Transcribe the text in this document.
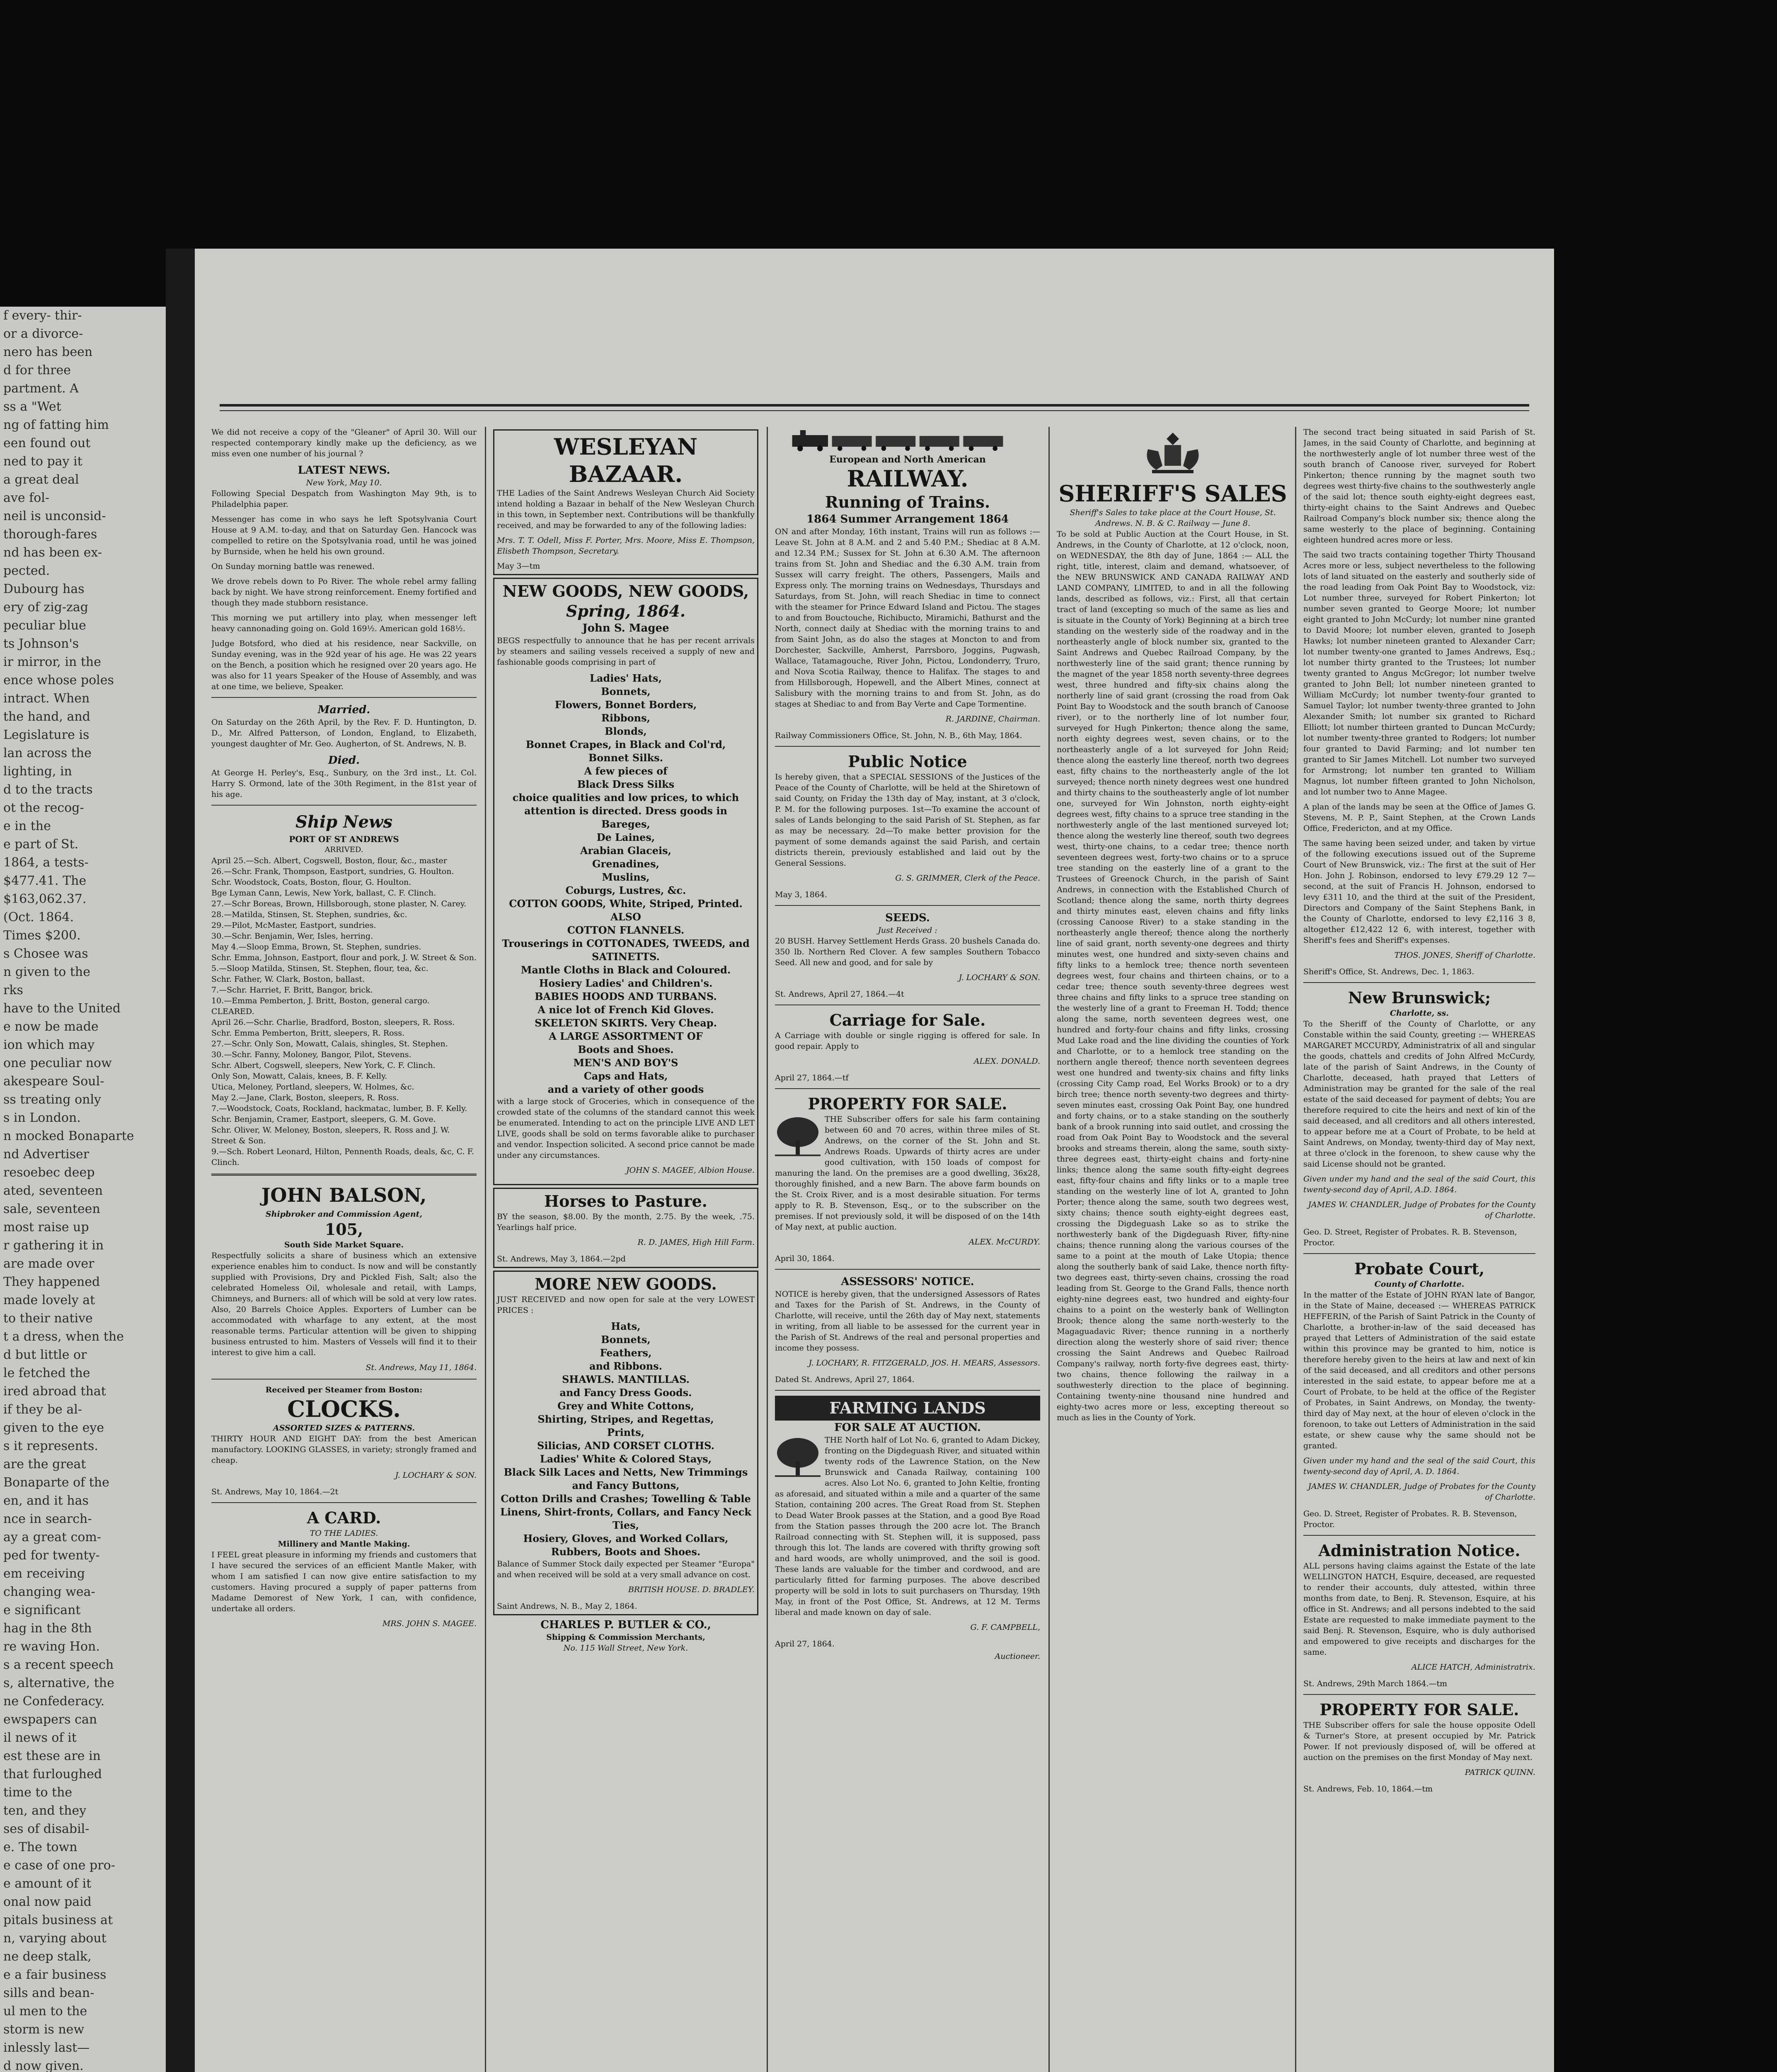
f every- thir-
or a divorce-
nero has been
d for three
partment. A
ss a "Wet
ng of fatting him
een found out
ned to pay it
a great deal
ave fol-
neil is unconsid-
thorough-fares
nd has been ex-
pected.
Dubourg has
ery of zig-zag
peculiar blue
ts Johnson's
ir mirror, in the
ence whose poles
intract. When
the hand, and
Legislature is
lan across the
lighting, in
d to the tracts
ot the recog-
e in the
e part of St.
1864, a tests-
$477.41. The
$163,062.37.
(Oct. 1864.
Times $200.
s Chosee was
n given to the
rks
have to the United
e now be made
ion which may
one peculiar now
akespeare Soul-
ss treating only
s in London.
n mocked Bonaparte
nd Advertiser
resoebec deep
ated, seventeen
sale, seventeen
most raise up
r gathering it in
are made over
They happened
made lovely at
to their native
t a dress, when the
d but little or
le fetched the
ired abroad that
if they be al-
given to the eye
s it represents.
are the great
Bonaparte of the
en, and it has
nce in search-
ay a great com-
ped for twenty-
em receiving
changing wea-
e significant
hag in the 8th
re waving Hon.
s a recent speech
s, alternative, the
ne Confederacy.
ewspapers can
il news of it
est these are in
that furloughed
time to the
ten, and they
ses of disabil-
e. The town
e case of one pro-
e amount of it
onal now paid
pitals business at
n, varying about
ne deep stalk,
e a fair business
sills and bean-
ul men to the
storm is new
inlessly last—
d now given.

We did not receive a copy of the "Gleaner" of April 30. Will our respected contemporary kindly make up the deficiency, as we miss even one number of his journal ?

LATEST NEWS.
New York, May 10.

Following Special Despatch from Washington May 9th, is to Philadelphia paper.

Messenger has come in who says he left Spotsylvania Court House at 9 A.M. to-day, and that on Saturday Gen. Hancock was compelled to retire on the Spotsylvania road, until he was joined by Burnside, when he held his own ground.

On Sunday morning battle was renewed.

We drove rebels down to Po River. The whole rebel army falling back by night. We have strong reinforcement. Enemy fortified and though they made stubborn resistance.

This morning we put artillery into play, when messenger left heavy cannonading going on. Gold 169½. American gold 168½.

Judge Botsford, who died at his residence, near Sackville, on Sunday evening, was in the 92d year of his age. He was 22 years on the Bench, a position which he resigned over 20 years ago. He was also for 11 years Speaker of the House of Assembly, and was at one time, we believe, Speaker.

Married.

On Saturday on the 26th April, by the Rev. F. D. Huntington, D. D., Mr. Alfred Patterson, of London, England, to Elizabeth, youngest daughter of Mr. Geo. Augherton, of St. Andrews, N. B.

Died.

At George H. Perley's, Esq., Sunbury, on the 3rd inst., Lt. Col. Harry S. Ormond, late of the 30th Regiment, in the 81st year of his age.

Ship News
PORT OF ST ANDREWS
ARRIVED.
April 25.—Sch. Albert, Cogswell, Boston, flour, &c., master
26.—Schr. Frank, Thompson, Eastport, sundries, G. Houlton.
Schr. Woodstock, Coats, Boston, flour, G. Houlton.
Bge Lyman Cann, Lewis, New York, ballast, C. F. Clinch.
27.—Schr Boreas, Brown, Hillsborough, stone plaster, N. Carey.
28.—Matilda, Stinsen, St. Stephen, sundries, &c.
29.—Pilot, McMaster, Eastport, sundries.
30.—Schr. Benjamin, Wer, Isles, herring.
May 4.—Sloop Emma, Brown, St. Stephen, sundries.
Schr. Emma, Johnson, Eastport, flour and pork, J. W. Street & Son.
5.—Sloop Matilda, Stinsen, St. Stephen, flour, tea, &c.
Schr. Father, W. Clark, Boston, ballast.
7.—Schr. Harriet, F. Britt, Bangor, brick.
10.—Emma Pemberton, J. Britt, Boston, general cargo.
CLEARED.
April 26.—Schr. Charlie, Bradford, Boston, sleepers, R. Ross.
Schr. Emma Pemberton, Britt, sleepers, R. Ross.
27.—Schr. Only Son, Mowatt, Calais, shingles, St. Stephen.
30.—Schr. Fanny, Moloney, Bangor, Pilot, Stevens.
Schr. Albert, Cogswell, sleepers, New York, C. F. Clinch.
Only Son, Mowatt, Calais, knees, B. F. Kelly.
Utica, Meloney, Portland, sleepers, W. Holmes, &c.
May 2.—Jane, Clark, Boston, sleepers, R. Ross.
7.—Woodstock, Coats, Rockland, hackmatac, lumber, B. F. Kelly.
Schr. Benjamin, Cramer, Eastport, sleepers, G. M. Gove.
Schr. Oliver, W. Meloney, Boston, sleepers, R. Ross and J. W. Street & Son.
9.—Sch. Robert Leonard, Hilton, Pennenth Roads, deals, &c, C. F. Clinch.
JOHN BALSON,
Shipbroker and Commission Agent,
105,
South Side Market Square.

Respectfully solicits a share of business which an extensive experience enables him to conduct. Is now and will be constantly supplied with Provisions, Dry and Pickled Fish, Salt; also the celebrated Homeless Oil, wholesale and retail, with Lamps, Chimneys, and Burners: all of which will be sold at very low rates. Also, 20 Barrels Choice Apples. Exporters of Lumber can be accommodated with wharfage to any extent, at the most reasonable terms. Particular attention will be given to shipping business entrusted to him. Masters of Vessels will find it to their interest to give him a call.

St. Andrews, May 11, 1864.
Received per Steamer from Boston:
CLOCKS.
ASSORTED SIZES & PATTERNS.

THIRTY HOUR AND EIGHT DAY: from the best American manufactory. LOOKING GLASSES, in variety; strongly framed and cheap.

J. LOCHARY & SON.
St. Andrews, May 10, 1864.—2t
A CARD.
TO THE LADIES.
Millinery and Mantle Making.

I FEEL great pleasure in informing my friends and customers that I have secured the services of an efficient Mantle Maker, with whom I am satisfied I can now give entire satisfaction to my customers. Having procured a supply of paper patterns from Madame Demorest of New York, I can, with confidence, undertake all orders.

MRS. JOHN S. MAGEE.
WESLEYAN BAZAAR.

THE Ladies of the Saint Andrews Wesleyan Church Aid Society intend holding a Bazaar in behalf of the New Wesleyan Church in this town, in September next. Contributions will be thankfully received, and may be forwarded to any of the following ladies:

Mrs. T. T. Odell, Miss F. Porter, Mrs. Moore, Miss E. Thompson, Elisbeth Thompson, Secretary.

May 3—tm
NEW GOODS, NEW GOODS,
Spring, 1864.
John S. Magee

BEGS respectfully to announce that he has per recent arrivals by steamers and sailing vessels received a supply of new and fashionable goods comprising in part of

Ladies' Hats,
Bonnets,
Flowers, Bonnet Borders,
Ribbons,
Blonds,
Bonnet Crapes, in Black and Col'rd,
Bonnet Silks.
A few pieces of
Black Dress Silks
choice qualities and low prices, to which attention is directed. Dress goods in
Bareges,
De Laines,
Arabian Glaceis,
Grenadines,
Muslins,
Coburgs, Lustres, &c.
COTTON GOODS, White, Striped, Printed.
ALSO
COTTON FLANNELS.
Trouserings in COTTONADES, TWEEDS, and SATINETTS.
Mantle Cloths in Black and Coloured.
Hosiery Ladies' and Children's.
BABIES HOODS AND TURBANS.
A nice lot of French Kid Gloves.
SKELETON SKIRTS. Very Cheap.
A LARGE ASSORTMENT OF
Boots and Shoes.
MEN'S AND BOY'S
Caps and Hats,
and a variety of other goods

with a large stock of Groceries, which in consequence of the crowded state of the columns of the standard cannot this week be enumerated. Intending to act on the principle LIVE AND LET LIVE, goods shall be sold on terms favorable alike to purchaser and vendor. Inspection solicited. A second price cannot be made under any circumstances.

JOHN S. MAGEE, Albion House.
Horses to Pasture.

BY the season, $8.00. By the month, 2.75. By the week, .75. Yearlings half price.

R. D. JAMES, High Hill Farm.
St. Andrews, May 3, 1864.—2pd
MORE NEW GOODS.

JUST RECEIVED and now open for sale at the very LOWEST PRICES :

Hats,
Bonnets,
Feathers,
and Ribbons.
SHAWLS. MANTILLAS.
and Fancy Dress Goods.
Grey and White Cottons,
Shirting, Stripes, and Regettas,
Prints,
Silicias, AND CORSET CLOTHS.
Ladies' White & Colored Stays,
Black Silk Laces and Netts, New Trimmings and Fancy Buttons,
Cotton Drills and Crashes; Towelling & Table Linens, Shirt-fronts, Collars, and Fancy Neck Ties,
Hosiery, Gloves, and Worked Collars, Rubbers, Boots and Shoes.

Balance of Summer Stock daily expected per Steamer "Europa" and when received will be sold at a very small advance on cost.

BRITISH HOUSE. D. BRADLEY.
Saint Andrews, N. B., May 2, 1864.
CHARLES P. BUTLER & CO.,
Shipping & Commission Merchants,
No. 115 Wall Street, New York.
European and North American
RAILWAY.
Running of Trains.
1864 Summer Arrangement 1864

ON and after Monday, 16th instant, Trains will run as follows :— Leave St. John at 8 A.M. and 2 and 5.40 P.M.; Shediac at 8 A.M. and 12.34 P.M.; Sussex for St. John at 6.30 A.M. The afternoon trains from St. John and Shediac and the 6.30 A.M. train from Sussex will carry freight. The others, Passengers, Mails and Express only. The morning trains on Wednesdays, Thursdays and Saturdays, from St. John, will reach Shediac in time to connect with the steamer for Prince Edward Island and Pictou. The stages to and from Bouctouche, Richibucto, Miramichi, Bathurst and the North, connect daily at Shediac with the morning trains to and from Saint John, as do also the stages at Moncton to and from Dorchester, Sackville, Amherst, Parrsboro, Joggins, Pugwash, Wallace, Tatamagouche, River John, Pictou, Londonderry, Truro, and Nova Scotia Railway, thence to Halifax. The stages to and from Hillsborough, Hopewell, and the Albert Mines, connect at Salisbury with the morning trains to and from St. John, as do stages at Shediac to and from Bay Verte and Cape Tormentine.

R. JARDINE, Chairman.
Railway Commissioners Office, St. John, N. B., 6th May, 1864.
Public Notice

Is hereby given, that a SPECIAL SESSIONS of the Justices of the Peace of the County of Charlotte, will be held at the Shiretown of said County, on Friday the 13th day of May, instant, at 3 o'clock, P. M. for the following purposes. 1st—To examine the account of sales of Lands belonging to the said Parish of St. Stephen, as far as may be necessary. 2d—To make better provision for the payment of some demands against the said Parish, and certain districts therein, previously established and laid out by the General Sessions.

G. S. GRIMMER, Clerk of the Peace.
May 3, 1864.
SEEDS.
Just Received :

20 BUSH. Harvey Settlement Herds Grass. 20 bushels Canada do. 350 lb. Northern Red Clover. A few samples Southern Tobacco Seed. All new and good, and for sale by

J. LOCHARY & SON.
St. Andrews, April 27, 1864.—4t
Carriage for Sale.

A Carriage with double or single rigging is offered for sale. In good repair. Apply to

ALEX. DONALD.
April 27, 1864.—tf
PROPERTY FOR SALE.

THE Subscriber offers for sale his farm containing between 60 and 70 acres, within three miles of St. Andrews, on the corner of the St. John and St. Andrews Roads. Upwards of thirty acres are under good cultivation, with 150 loads of compost for manuring the land. On the premises are a good dwelling, 36x28, thoroughly finished, and a new Barn. The above farm bounds on the St. Croix River, and is a most desirable situation. For terms apply to R. B. Stevenson, Esq., or to the subscriber on the premises. If not previously sold, it will be disposed of on the 14th of May next, at public auction.

ALEX. McCURDY.
April 30, 1864.
ASSESSORS' NOTICE.

NOTICE is hereby given, that the undersigned Assessors of Rates and Taxes for the Parish of St. Andrews, in the County of Charlotte, will receive, until the 26th day of May next, statements in writing, from all liable to be assessed for the current year in the Parish of St. Andrews of the real and personal properties and income they possess.

J. LOCHARY, R. FITZGERALD, JOS. H. MEARS, Assessors.
Dated St. Andrews, April 27, 1864.
FARMING LANDS
FOR SALE AT AUCTION.

THE North half of Lot No. 6, granted to Adam Dickey, fronting on the Digdeguash River, and situated within twenty rods of the Lawrence Station, on the New Brunswick and Canada Railway, containing 100 acres. Also Lot No. 6, granted to John Keltie, fronting as aforesaid, and situated within a mile and a quarter of the same Station, containing 200 acres. The Great Road from St. Stephen to Dead Water Brook passes at the Station, and a good Bye Road from the Station passes through the 200 acre lot. The Branch Railroad connecting with St. Stephen will, it is supposed, pass through this lot. The lands are covered with thrifty growing soft and hard woods, are wholly unimproved, and the soil is good. These lands are valuable for the timber and cordwood, and are particularly fitted for farming purposes. The above described property will be sold in lots to suit purchasers on Thursday, 19th May, in front of the Post Office, St. Andrews, at 12 M. Terms liberal and made known on day of sale.

G. F. CAMPBELL,
April 27, 1864.
Auctioneer.
SHERIFF'S SALES
Sheriff's Sales to take place at the Court House, St. Andrews. N. B. & C. Railway — June 8.

To be sold at Public Auction at the Court House, in St. Andrews, in the County of Charlotte, at 12 o'clock, noon, on WEDNESDAY, the 8th day of June, 1864 :— ALL the right, title, interest, claim and demand, whatsoever, of the NEW BRUNSWICK AND CANADA RAILWAY AND LAND COMPANY, LIMITED, to and in all the following lands, described as follows, viz.: First, all that certain tract of land (excepting so much of the same as lies and is situate in the County of York) Beginning at a birch tree standing on the westerly side of the roadway and in the northeasterly angle of block number six, granted to the Saint Andrews and Quebec Railroad Company, by the northwesterly line of the said grant; thence running by the magnet of the year 1858 north seventy-three degrees west, three hundred and fifty-six chains along the northerly line of said grant (crossing the road from Oak Point Bay to Woodstock and the south branch of Canoose river), or to the northerly line of lot number four, surveyed for Hugh Pinkerton; thence along the same, north eighty degrees west, seven chains, or to the northeasterly angle of a lot surveyed for John Reid; thence along the easterly line thereof, north two degrees east, fifty chains to the northeasterly angle of the lot surveyed; thence north ninety degrees west one hundred and thirty chains to the southeasterly angle of lot number one, surveyed for Win Johnston, north eighty-eight degrees west, fifty chains to a spruce tree standing in the northwesterly angle of the last mentioned surveyed lot; thence along the westerly line thereof, south two degrees west, thirty-one chains, to a cedar tree; thence north seventeen degrees west, forty-two chains or to a spruce tree standing on the easterly line of a grant to the Trustees of Greenock Church, in the parish of Saint Andrews, in connection with the Established Church of Scotland; thence along the same, north thirty degrees and thirty minutes east, eleven chains and fifty links (crossing Canoose River) to a stake standing in the northeasterly angle thereof; thence along the northerly line of said grant, north seventy-one degrees and thirty minutes west, one hundred and sixty-seven chains and fifty links to a hemlock tree; thence north seventeen degrees west, four chains and thirteen chains, or to a cedar tree; thence south seventy-three degrees west three chains and fifty links to a spruce tree standing on the westerly line of a grant to Freeman H. Todd; thence along the same, north seventeen degrees west, one hundred and forty-four chains and fifty links, crossing Mud Lake road and the line dividing the counties of York and Charlotte, or to a hemlock tree standing on the northern angle thereof; thence north seventeen degrees west one hundred and twenty-six chains and fifty links (crossing City Camp road, Eel Works Brook) or to a dry birch tree; thence north seventy-two degrees and thirty-seven minutes east, crossing Oak Point Bay, one hundred and forty chains, or to a stake standing on the southerly bank of a brook running into said outlet, and crossing the road from Oak Point Bay to Woodstock and the several brooks and streams therein, along the same, south sixty-three degrees east, thirty-eight chains and forty-nine links; thence along the same south fifty-eight degrees east, fifty-four chains and fifty links or to a maple tree standing on the westerly line of lot A, granted to John Porter; thence along the same, south two degrees west, sixty chains; thence south eighty-eight degrees east, crossing the Digdeguash Lake so as to strike the northwesterly bank of the Digdeguash River, fifty-nine chains; thence running along the various courses of the same to a point at the mouth of Lake Utopia; thence along the southerly bank of said Lake, thence north fifty-two degrees east, thirty-seven chains, crossing the road leading from St. George to the Grand Falls, thence north eighty-nine degrees east, two hundred and eighty-four chains to a point on the westerly bank of Wellington Brook; thence along the same north-westerly to the Magaguadavic River; thence running in a northerly direction along the westerly shore of said river; thence crossing the Saint Andrews and Quebec Railroad Company's railway, north forty-five degrees east, thirty-two chains, thence following the railway in a southwesterly direction to the place of beginning. Containing twenty-nine thousand nine hundred and eighty-two acres more or less, excepting thereout so much as lies in the County of York.

The second tract being situated in said Parish of St. James, in the said County of Charlotte, and beginning at the northwesterly angle of lot number three west of the south branch of Canoose river, surveyed for Robert Pinkerton; thence running by the magnet south two degrees west thirty-five chains to the southwesterly angle of the said lot; thence south eighty-eight degrees east, thirty-eight chains to the Saint Andrews and Quebec Railroad Company's block number six; thence along the same westerly to the place of beginning. Containing eighteen hundred acres more or less.

The said two tracts containing together Thirty Thousand Acres more or less, subject nevertheless to the following lots of land situated on the easterly and southerly side of the road leading from Oak Point Bay to Woodstock, viz: Lot number three, surveyed for Robert Pinkerton; lot number seven granted to George Moore; lot number eight granted to John McCurdy; lot number nine granted to David Moore; lot number eleven, granted to Joseph Hawks; lot number nineteen granted to Alexander Carr; lot number twenty-one granted to James Andrews, Esq.; lot number thirty granted to the Trustees; lot number twenty granted to Angus McGregor; lot number twelve granted to John Bell; lot number nineteen granted to William McCurdy; lot number twenty-four granted to Samuel Taylor; lot number twenty-three granted to John Alexander Smith; lot number six granted to Richard Elliott; lot number thirteen granted to Duncan McCurdy; lot number twenty-three granted to Rodgers; lot number four granted to David Farming; and lot number ten granted to Sir James Mitchell. Lot number two surveyed for Armstrong; lot number ten granted to William Magnus, lot number fifteen granted to John Nicholson, and lot number two to Anne Magee.

A plan of the lands may be seen at the Office of James G. Stevens, M. P. P., Saint Stephen, at the Crown Lands Office, Fredericton, and at my Office.

The same having been seized under, and taken by virtue of the following executions issued out of the Supreme Court of New Brunswick, viz.: The first at the suit of Her Hon. John J. Robinson, endorsed to levy £79.29 12 7—second, at the suit of Francis H. Johnson, endorsed to levy £311 10, and the third at the suit of the President, Directors and Company of the Saint Stephens Bank, in the County of Charlotte, endorsed to levy £2,116 3 8, altogether £12,422 12 6, with interest, together with Sheriff's fees and Sheriff's expenses.

THOS. JONES, Sheriff of Charlotte.
Sheriff's Office, St. Andrews, Dec. 1, 1863.
New Brunswick;
Charlotte, ss.

To the Sheriff of the County of Charlotte, or any Constable within the said County, greeting :— WHEREAS MARGARET MCCURDY, Administratrix of all and singular the goods, chattels and credits of John Alfred McCurdy, late of the parish of Saint Andrews, in the County of Charlotte, deceased, hath prayed that Letters of Administration may be granted for the sale of the real estate of the said deceased for payment of debts; You are therefore required to cite the heirs and next of kin of the said deceased, and all creditors and all others interested, to appear before me at a Court of Probate, to be held at Saint Andrews, on Monday, twenty-third day of May next, at three o'clock in the forenoon, to shew cause why the said License should not be granted.

Given under my hand and the seal of the said Court, this twenty-second day of April, A.D. 1864.

JAMES W. CHANDLER, Judge of Probates for the County of Charlotte.
Geo. D. Street, Register of Probates. R. B. Stevenson, Proctor.
Probate Court,
County of Charlotte.

In the matter of the Estate of JOHN RYAN late of Bangor, in the State of Maine, deceased :— WHEREAS PATRICK HEFFERIN, of the Parish of Saint Patrick in the County of Charlotte, a brother-in-law of the said deceased has prayed that Letters of Administration of the said estate within this province may be granted to him, notice is therefore hereby given to the heirs at law and next of kin of the said deceased, and all creditors and other persons interested in the said estate, to appear before me at a Court of Probate, to be held at the office of the Register of Probates, in Saint Andrews, on Monday, the twenty-third day of May next, at the hour of eleven o'clock in the forenoon, to take out Letters of Administration in the said estate, or shew cause why the same should not be granted.

Given under my hand and the seal of the said Court, this twenty-second day of April, A. D. 1864.

JAMES W. CHANDLER, Judge of Probates for the County of Charlotte.
Geo. D. Street, Register of Probates. R. B. Stevenson, Proctor.
Administration Notice.

ALL persons having claims against the Estate of the late WELLINGTON HATCH, Esquire, deceased, are requested to render their accounts, duly attested, within three months from date, to Benj. R. Stevenson, Esquire, at his office in St. Andrews; and all persons indebted to the said Estate are requested to make immediate payment to the said Benj. R. Stevenson, Esquire, who is duly authorised and empowered to give receipts and discharges for the same.

ALICE HATCH, Administratrix.
St. Andrews, 29th March 1864.—tm
PROPERTY FOR SALE.

THE Subscriber offers for sale the house opposite Odell & Turner's Store, at present occupied by Mr. Patrick Power. If not previously disposed of, will be offered at auction on the premises on the first Monday of May next.

PATRICK QUINN.
St. Andrews, Feb. 10, 1864.—tm
